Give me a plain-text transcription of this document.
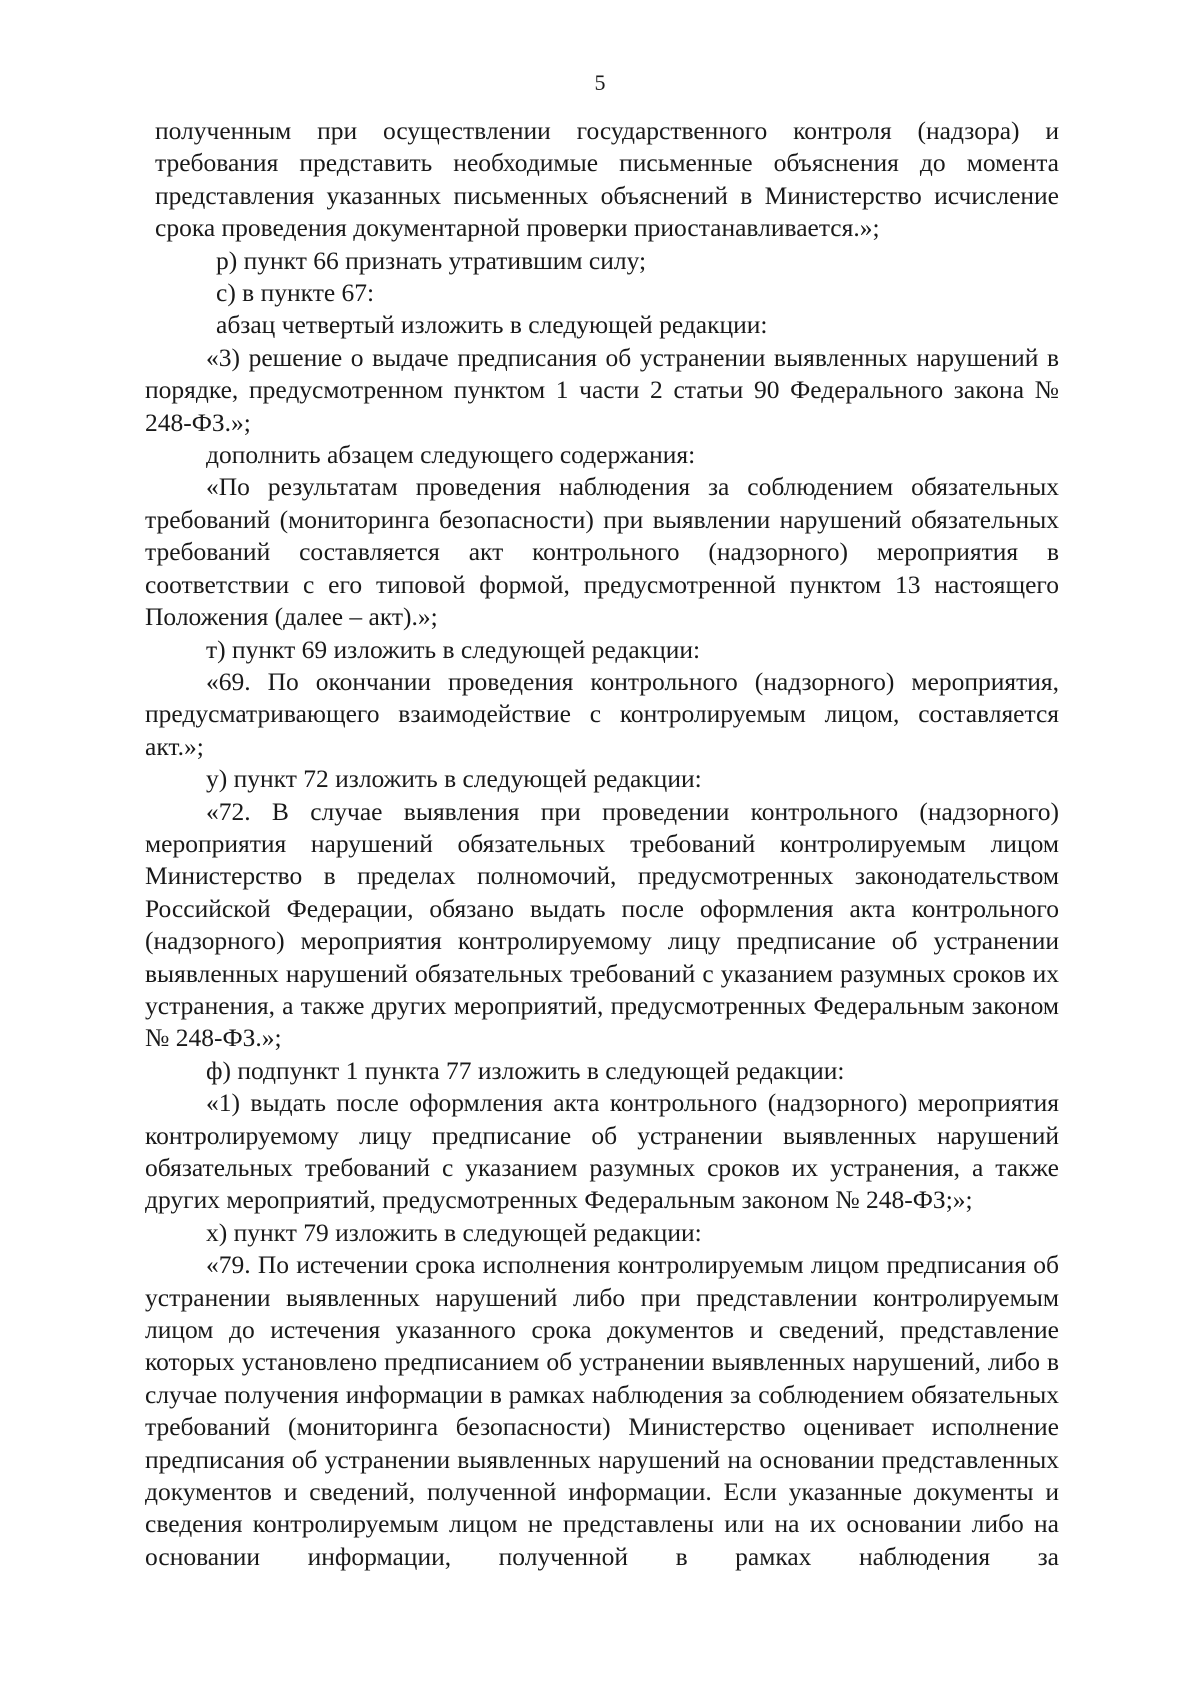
5

полученным при осуществлении государственного контроля (надзора) и требования представить необходимые письменные объяснения до момента представления указанных письменных объяснений в Министерство исчисление срока проведения документарной проверки приостанавливается.»;

р) пункт 66 признать утратившим силу;

с) в пункте 67:

абзац четвертый изложить в следующей редакции:

«3) решение о выдаче предписания об устранении выявленных нарушений в порядке, предусмотренном пунктом 1 части 2 статьи 90 Федерального закона № 248-ФЗ.»;

дополнить абзацем следующего содержания:

«По результатам проведения наблюдения за соблюдением обязательных требований (мониторинга безопасности) при выявлении нарушений обязательных требований составляется акт контрольного (надзорного) мероприятия в соответствии с его типовой формой, предусмотренной пунктом 13 настоящего Положения (далее – акт).»;

т) пункт 69 изложить в следующей редакции:

«69. По окончании проведения контрольного (надзорного) мероприятия, предусматривающего взаимодействие с контролируемым лицом, составляется акт.»;

у) пункт 72 изложить в следующей редакции:

«72. В случае выявления при проведении контрольного (надзорного) мероприятия нарушений обязательных требований контролируемым лицом Министерство в пределах полномочий, предусмотренных законодательством Российской Федерации, обязано выдать после оформления акта контрольного (надзорного) мероприятия контролируемому лицу предписание об устранении выявленных нарушений обязательных требований с указанием разумных сроков их устранения, а также других мероприятий, предусмотренных Федеральным законом № 248-ФЗ.»;

ф) подпункт 1 пункта 77 изложить в следующей редакции:

«1) выдать после оформления акта контрольного (надзорного) мероприятия контролируемому лицу предписание об устранении выявленных нарушений обязательных требований с указанием разумных сроков их устранения, а также других мероприятий, предусмотренных Федеральным законом № 248-ФЗ;»;

х) пункт 79 изложить в следующей редакции:

«79. По истечении срока исполнения контролируемым лицом предписания об устранении выявленных нарушений либо при представлении контролируемым лицом до истечения указанного срока документов и сведений, представление которых установлено предписанием об устранении выявленных нарушений, либо в случае получения информации в рамках наблюдения за соблюдением обязательных требований (мониторинга безопасности) Министерство оценивает исполнение предписания об устранении выявленных нарушений на основании представленных документов и сведений, полученной информации. Если указанные документы и сведения контролируемым лицом не представлены или на их основании либо на основании информации, полученной в рамках наблюдения за
